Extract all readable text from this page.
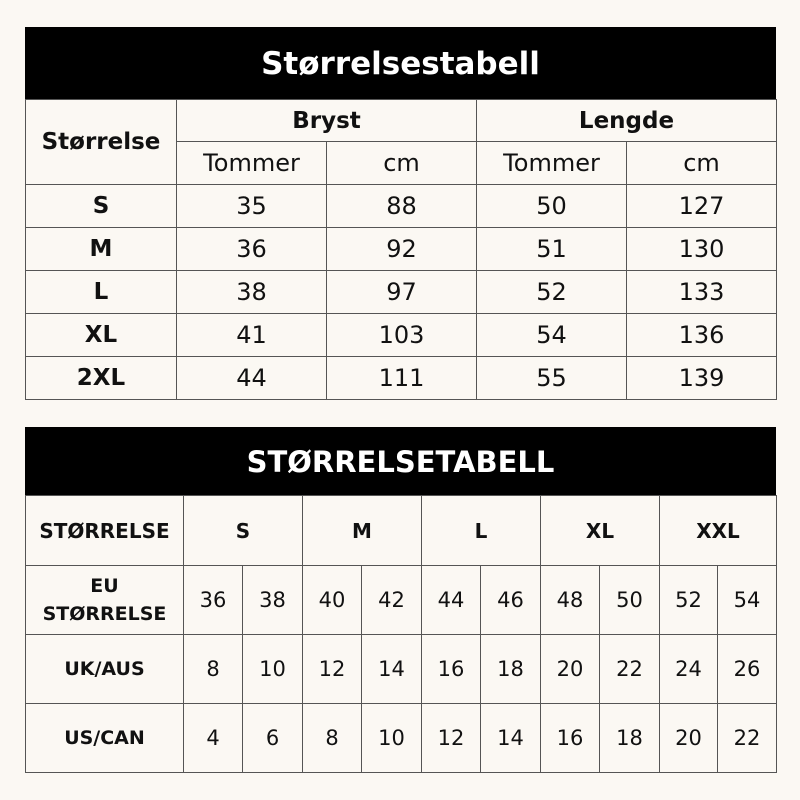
Størrelsestabell
Størrelse	Bryst		Lengde	
	Tommer	cm	Tommer	cm
S	35	88	50	127
M	36	92	51	130
L	38	97	52	133
XL	41	103	54	136
2XL	44	111	55	139
STØRRELSETABELL
STØRRELSE	S		M		L		XL		XXL	
EU
STØRRELSE	36	38	40	42	44	46	48	50	52	54
UK/AUS	8	10	12	14	16	18	20	22	24	26
US/CAN	4	6	8	10	12	14	16	18	20	22
